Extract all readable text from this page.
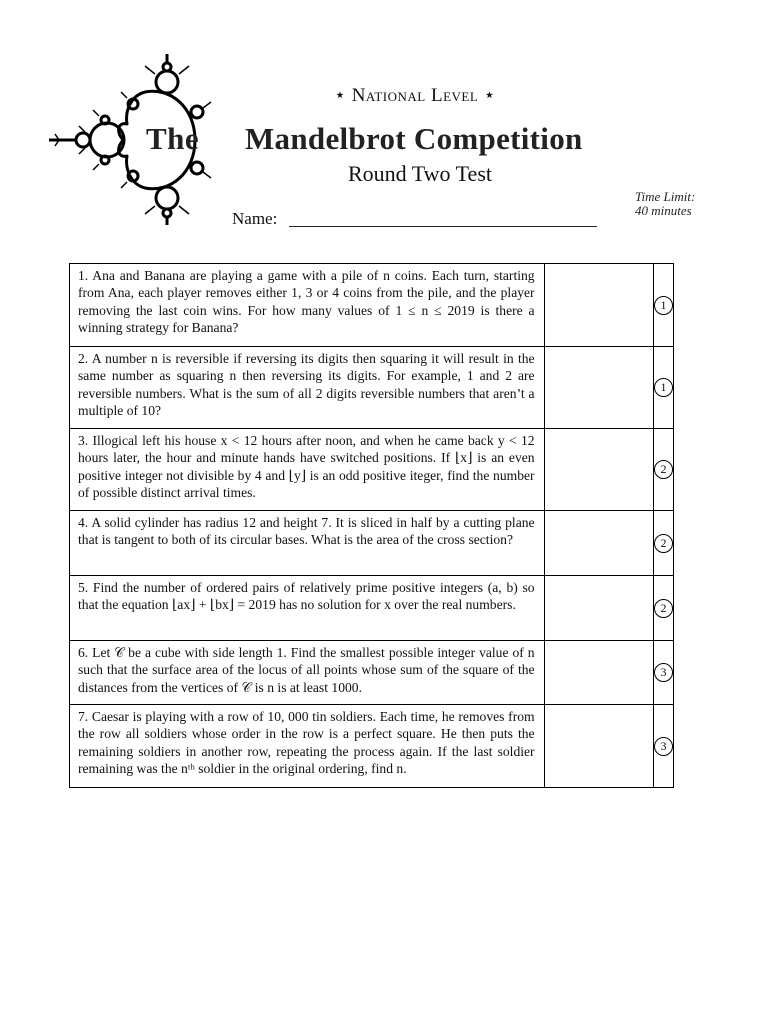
⋆ National Level ⋆
The Mandelbrot Competition
Round Two Test
Name:
Time Limit:
40 minutes
1. Ana and Banana are playing a game with a pile of n coins. Each turn, starting from Ana, each player removes either 1, 3 or 4 coins from the pile, and the player removing the last coin wins. For how many values of 1 ≤ n ≤ 2019 is there a winning strategy for Banana?		1
2. A number n is reversible if reversing its digits then squaring it will result in the same number as squaring n then reversing its digits. For example, 1 and 2 are reversible numbers. What is the sum of all 2 digits reversible numbers that aren’t a multiple of 10?		1
3. Illogical left his house x < 12 hours after noon, and when he came back y < 12 hours later, the hour and minute hands have switched positions. If ⌊x⌋ is an even positive integer not divisible by 4 and ⌊y⌋ is an odd positive iteger, find the number of possible distinct arrival times.		2
4. A solid cylinder has radius 12 and height 7. It is sliced in half by a cutting plane that is tangent to both of its circular bases. What is the area of the cross section?		2
5. Find the number of ordered pairs of relatively prime positive integers (a, b) so that the equation ⌊ax⌋ + ⌊bx⌋ = 2019 has no solution for x over the real numbers.		2
6. Let 𝒞 be a cube with side length 1. Find the smallest possible integer value of n such that the surface area of the locus of all points whose sum of the square of the distances from the vertices of 𝒞 is n is at least 1000.		3
7. Caesar is playing with a row of 10, 000 tin soldiers. Each time, he removes from the row all soldiers whose order in the row is a perfect square. He then puts the remaining soldiers in another row, repeating the process again. If the last soldier remaining was the nᵗʰ soldier in the original ordering, find n.		3
